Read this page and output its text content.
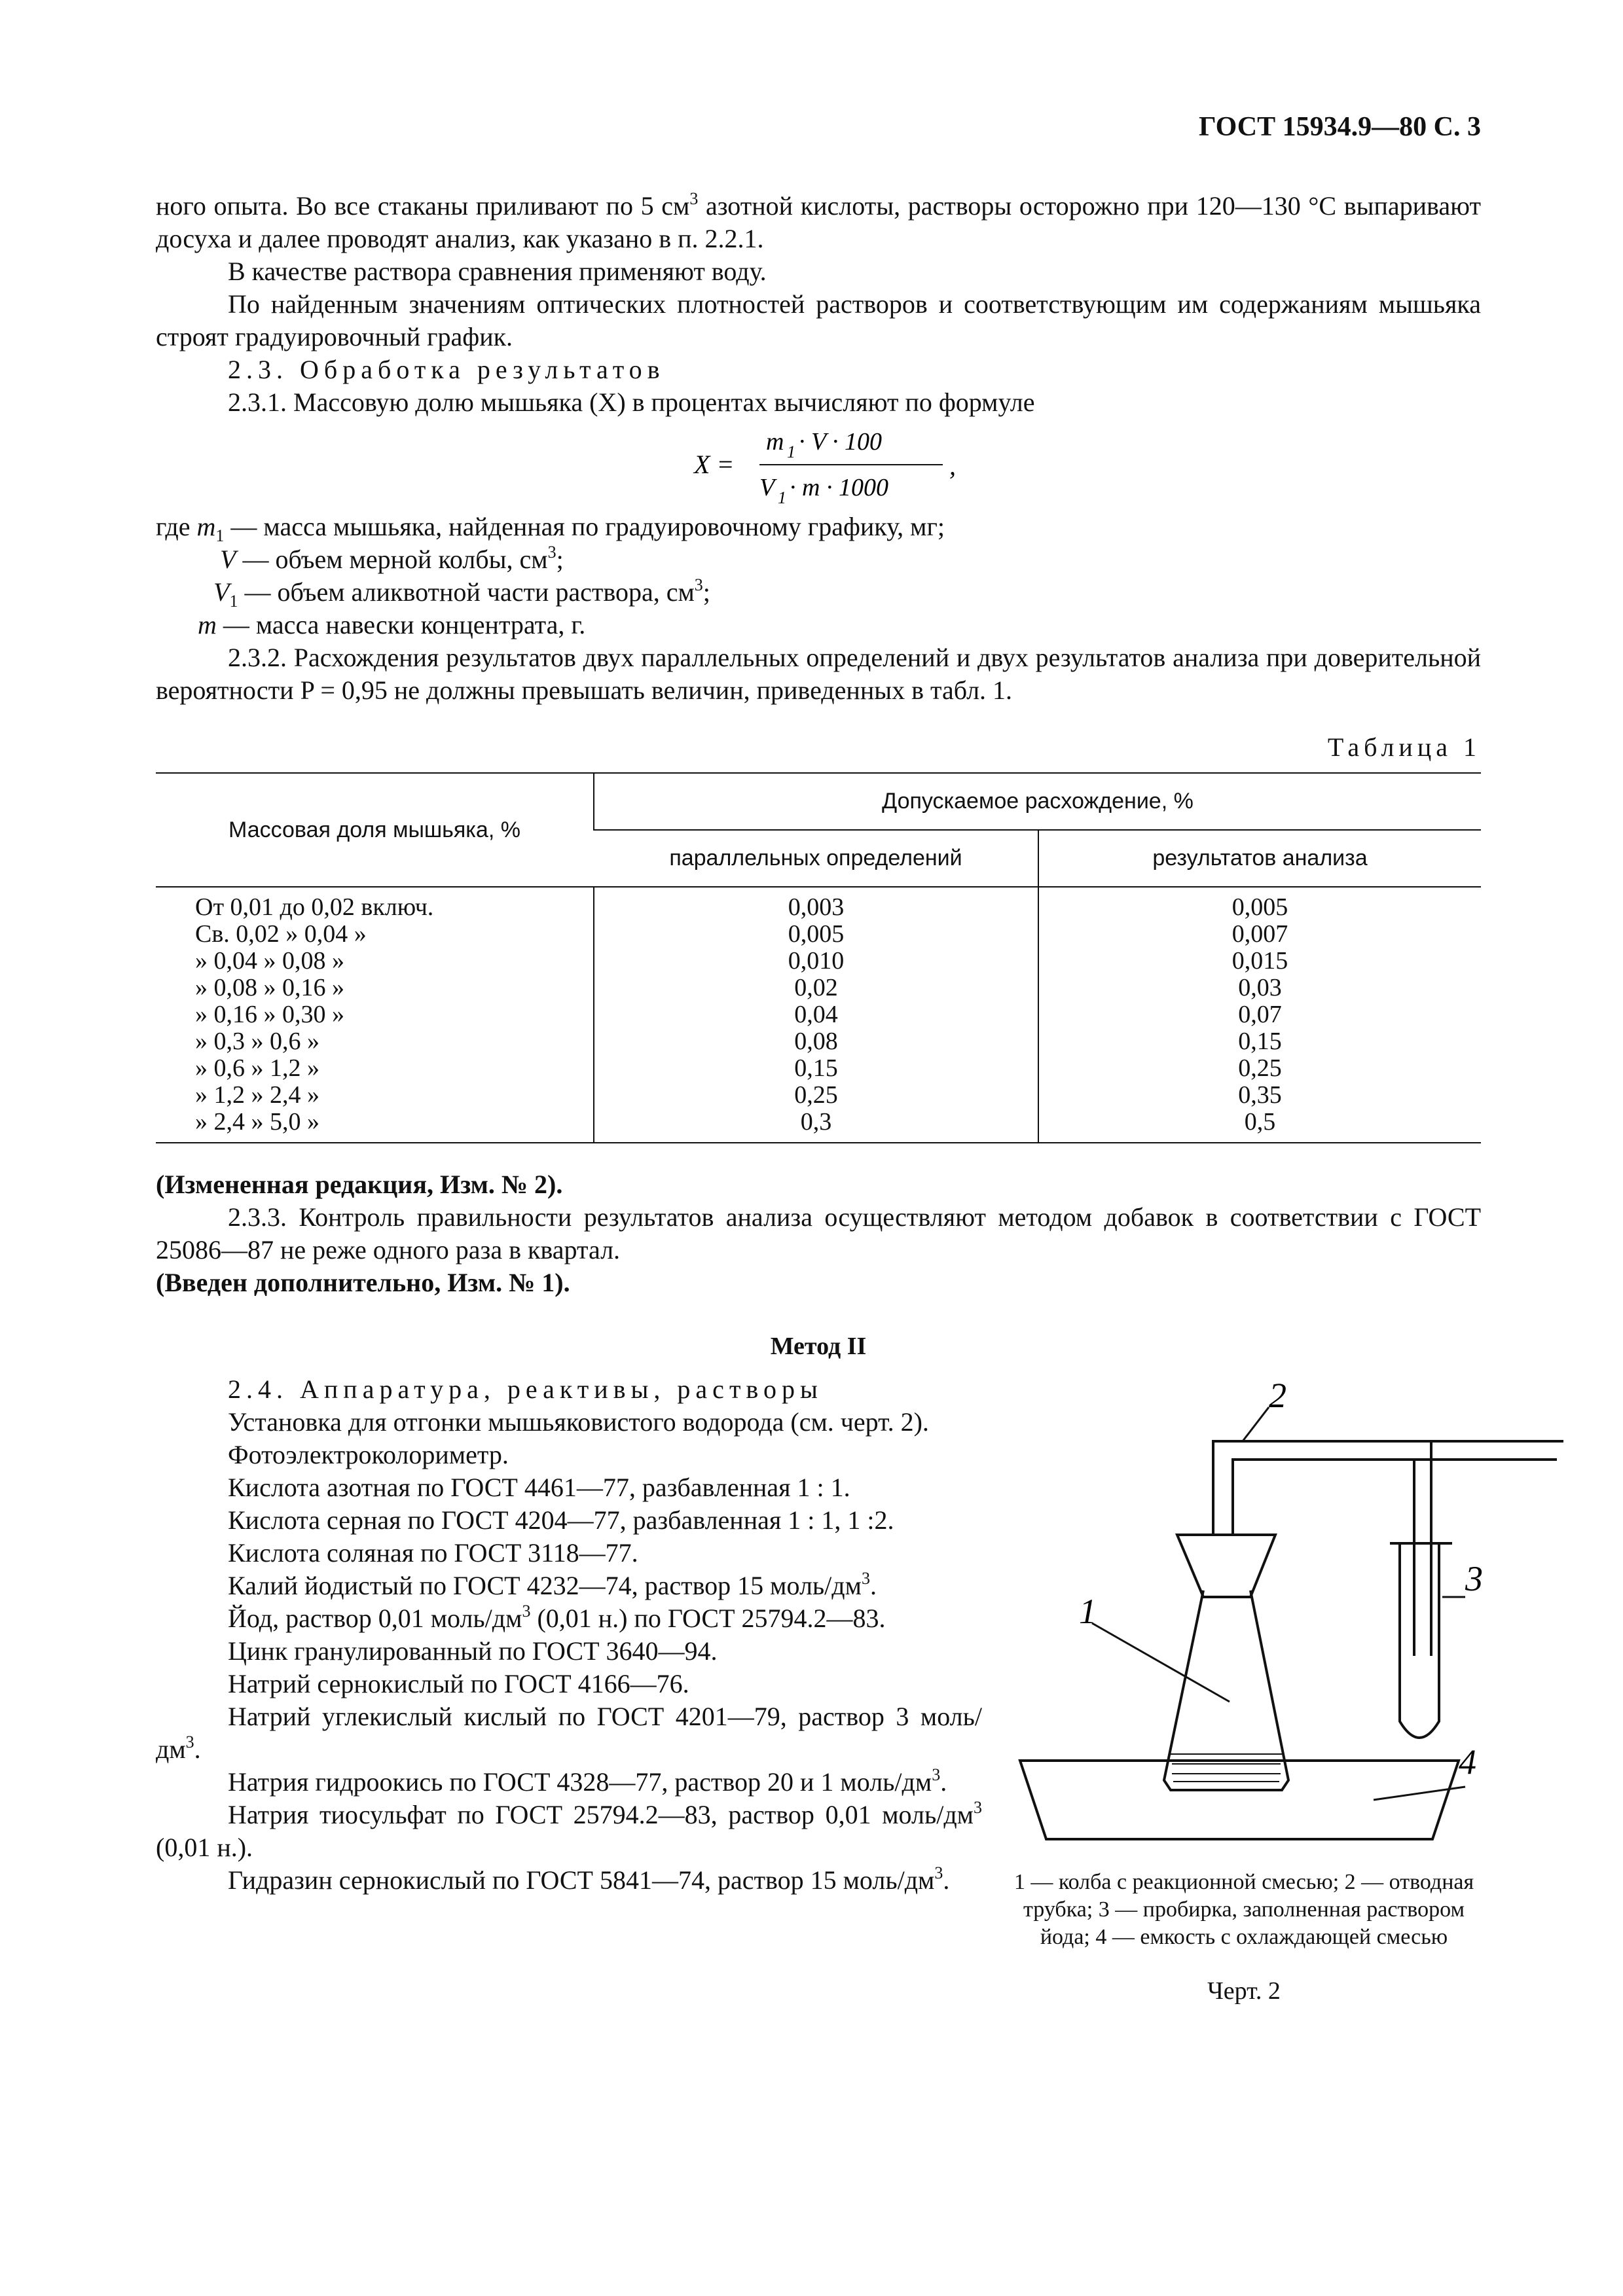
ГОСТ 15934.9—80 С. 3

ного опыта. Во все стаканы приливают по 5 $см^3$ азотной кислоты, растворы осторожно при 120—130 °С выпаривают досуха и далее проводят анализ, как указано в п. 2.2.1.

В качестве раствора сравнения применяют воду.

По найденным значениям оптических плотностей растворов и соответствующим им содержаниям мышьяка строят градуировочный график.

2.3. Обработка результатов

2.3.1. Массовую долю мышьяка (X) в процентах вычисляют по формуле

X =
m 1 · V · 100
V 1 · m · 1000
,

где $m_1$ — масса мышьяка, найденная по градуировочному графику, мг;

V — объем мерной колбы, $см^3$;

$V_1$ — объем аликвотной части раствора, $см^3$;

m — масса навески концентрата, г.

2.3.2. Расхождения результатов двух параллельных определений и двух результатов анализа при доверительной вероятности P = 0,95 не должны превышать величин, приведенных в табл. 1.

Таблица 1
Массовая доля мышьяка, %	Допускаемое расхождение, %	
	параллельных определений	результатов анализа
От 0,01 до 0,02 включ.	0,003	0,005
Св. 0,02 » 0,04 »	0,005	0,007
» 0,04 » 0,08 »	0,010	0,015
» 0,08 » 0,16 »	0,02	0,03
» 0,16 » 0,30 »	0,04	0,07
» 0,3 » 0,6 »	0,08	0,15
» 0,6 » 1,2 »	0,15	0,25
» 1,2 » 2,4 »	0,25	0,35
» 2,4 » 5,0 »	0,3	0,5

(Измененная редакция, Изм. № 2).

2.3.3. Контроль правильности результатов анализа осуществляют методом добавок в соответствии с ГОСТ 25086—87 не реже одного раза в квартал.

(Введен дополнительно, Изм. № 1).

Метод II

2.4. Аппаратура, реактивы, растворы

Установка для отгонки мышьяковистого водорода (см. черт. 2).

Фотоэлектроколориметр.

Кислота азотная по ГОСТ 4461—77, разбавленная 1 : 1.

Кислота серная по ГОСТ 4204—77, разбавленная 1 : 1, 1 :2.

Кислота соляная по ГОСТ 3118—77.

Калий йодистый по ГОСТ 4232—74, раствор 15 моль/$дм^3$.

Йод, раствор 0,01 моль/$дм^3$ (0,01 н.) по ГОСТ 25794.2—83.

Цинк гранулированный по ГОСТ 3640—94.

Натрий сернокислый по ГОСТ 4166—76.

Натрий углекислый кислый по ГОСТ 4201—79, раствор 3 моль/$дм^3$.

Натрия гидроокись по ГОСТ 4328—77, раствор 20 и 1 моль/$дм^3$.

Натрия тиосульфат по ГОСТ 25794.2—83, раствор 0,01 моль/$дм^3$ (0,01 н.).

Гидразин сернокислый по ГОСТ 5841—74, раствор 15 моль/$дм^3$.

1
2
3
4
1 — колба с реакционной смесью; 2 — отводная трубка; 3 — пробирка, заполненная раствором йода; 4 — емкость с охлаждающей смесью
Черт. 2
